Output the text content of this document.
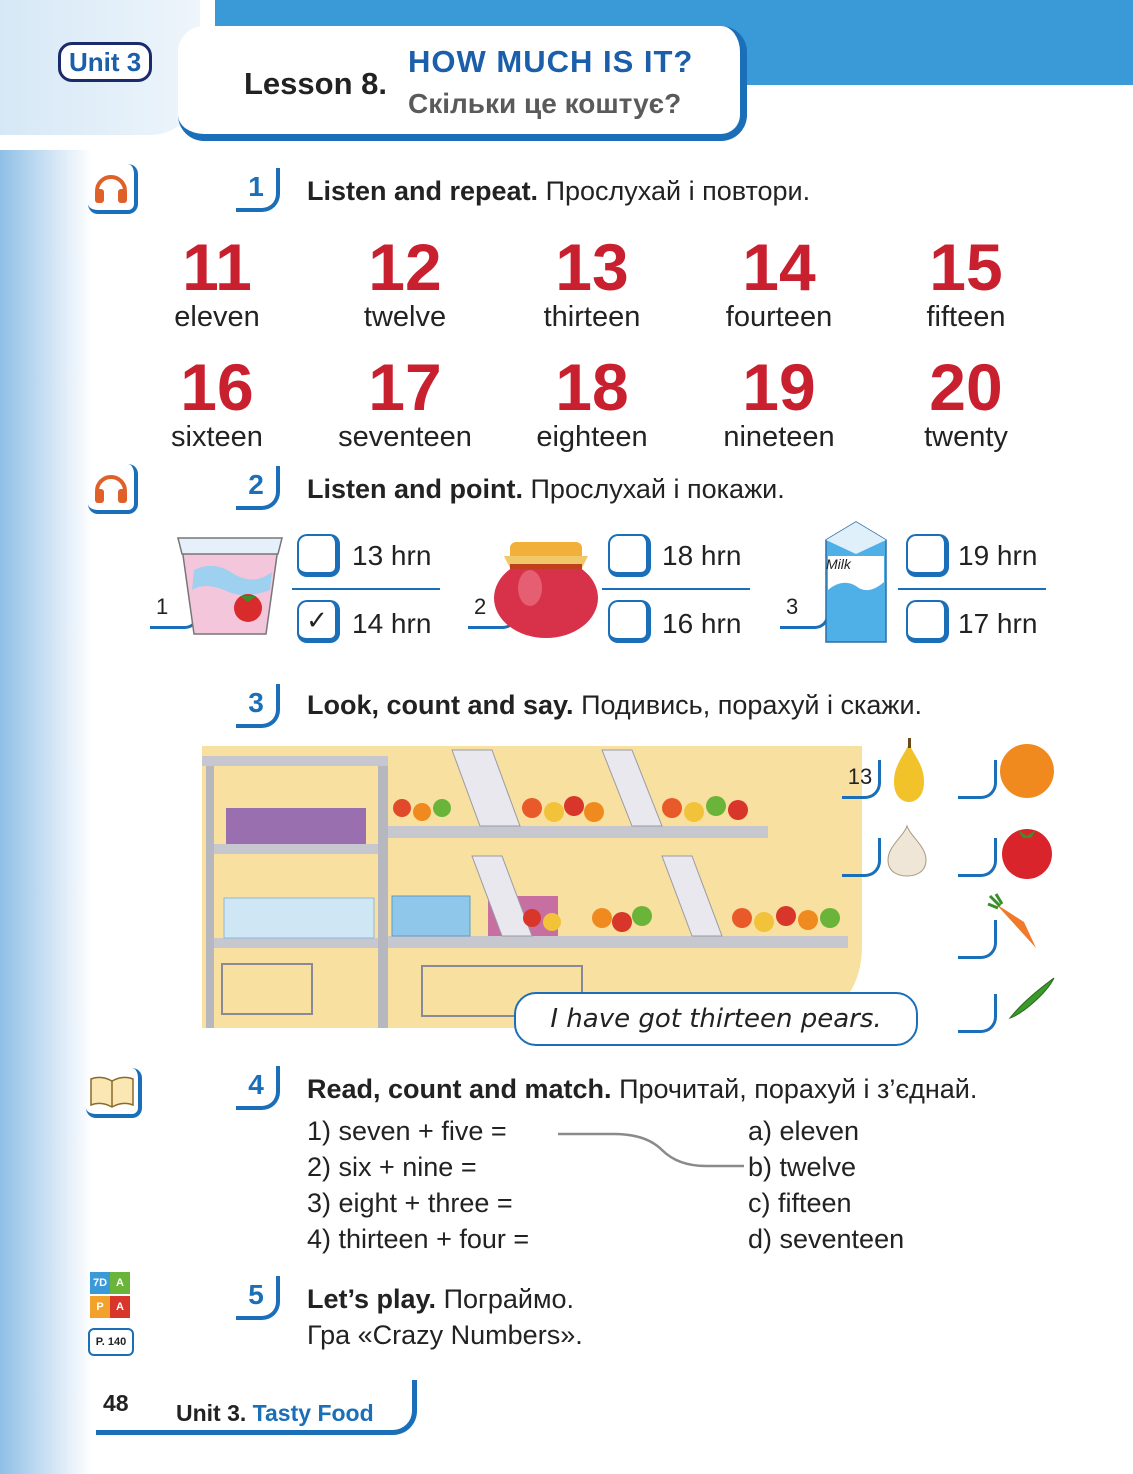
Unit 3
Lesson 8.
HOW MUCH IS IT?
Скільки це коштує?
1	Listen and repeat. Прослухай і повтори.
11
eleven
12
twelve
13
thirteen
14
fourteen
15
fifteen
16
sixteen
17
seventeen
18
eighteen
19
nineteen
20
twenty
2	Listen and point. Прослухай і покажи.
1
13 hrn
✓ 14 hrn
2
18 hrn
16 hrn
3
Milk	19 hrn
17 hrn
3	Look, count and say. Подивись, порахуй і скажи.
I have got thirteen pears.
13
4	Read, count and match. Прочитай, порахуй і з’єднай.
1) seven + five =
2) six + nine =
3) eight + three =
4) thirteen + four =
a) eleven
b) twelve
c) fifteen
d) seventeen
7D A
P	A
P. 140
5	Let’s play. Пограймо.
Гра «Crazy Numbers».
48 Unit 3. Tasty Food
